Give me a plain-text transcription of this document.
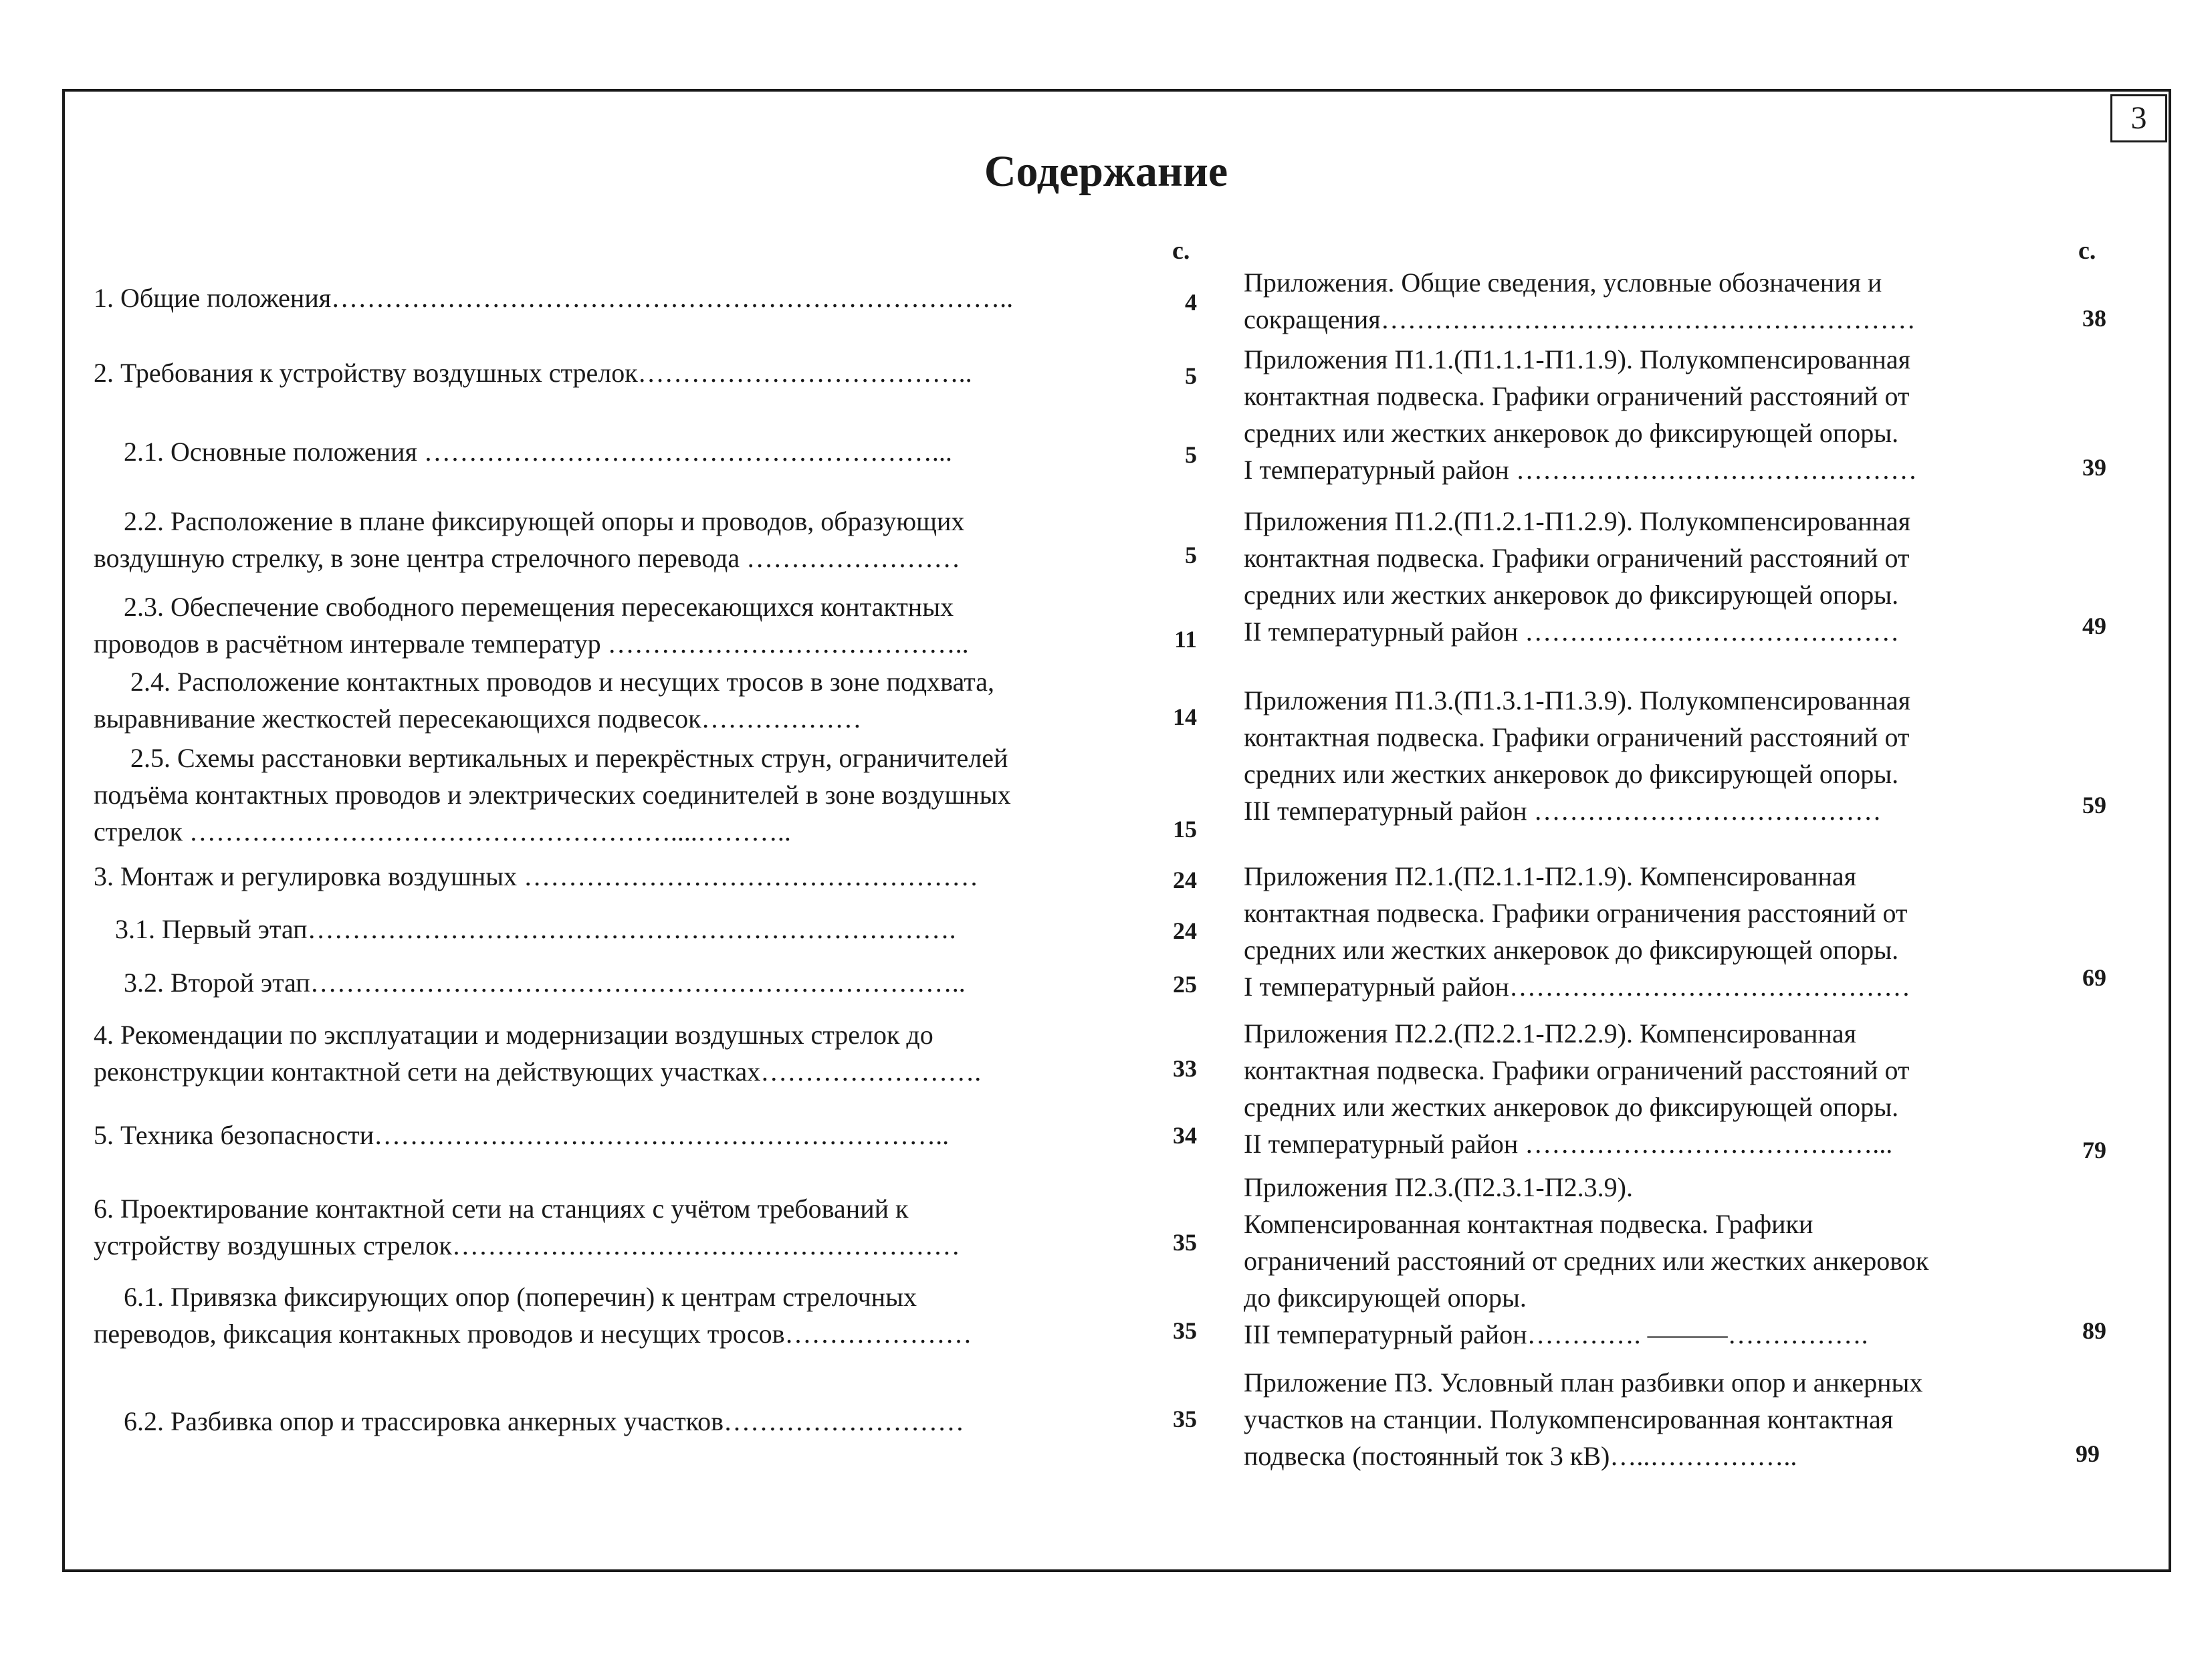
3
Содержание
с.	с.
1. Общие положения…………………………………………………………………..	4
2. Требования к устройству воздушных стрелок………………………………..	5
2.1. Основные положения …………………………………………………...	5
2.2. Расположение в плане фиксирующей опоры и проводов, образующих
воздушную стрелку, в зоне центра стрелочного перевода ……………………	5
2.3. Обеспечение свободного перемещения пересекающихся контактных
проводов в расчётном интервале температур …………………………………..	11
2.4. Расположение контактных проводов и несущих тросов в зоне подхвата,
выравнивание жесткостей пересекающихся подвесок………………	14
2.5. Схемы расстановки вертикальных и перекрёстных струн, ограничителей
подъёма контактных проводов и электрических соединителей в зоне воздушных
стрелок ………………………………………………....………..	15
3. Монтаж и регулировка воздушных ……………………………………………	24
3.1. Первый этап……………………………………………………………….	24
3.2. Второй этап………………………………………………………………..	25
4. Рекомендации по эксплуатации и модернизации воздушных стрелок до
реконструкции контактной сети на действующих участках…………………….	33
5. Техника безопасности………………………………………………………..	34
6. Проектирование контактной сети на станциях с учётом требований к
устройству воздушных стрелок…………………………………………………	35
6.1. Привязка фиксирующих опор (поперечин) к центрам стрелочных
переводов, фиксация контакных проводов и несущих тросов…………………	35
6.2. Разбивка опор и трассировка анкерных участков………………………	35
Приложения. Общие сведения, условные обозначения и
сокращения……………………………………………………	38
Приложения П1.1.(П1.1.1-П1.1.9). Полукомпенсированная
контактная подвеска. Графики ограничений расстояний от
средних или жестких анкеровок до фиксирующей опоры.
I температурный район ………………………………………	39
Приложения П1.2.(П1.2.1-П1.2.9). Полукомпенсированная
контактная подвеска. Графики ограничений расстояний от
средних или жестких анкеровок до фиксирующей опоры.
II температурный район ……………………………………	49
Приложения П1.3.(П1.3.1-П1.3.9). Полукомпенсированная
контактная подвеска. Графики ограничений расстояний от
средних или жестких анкеровок до фиксирующей опоры.
III температурный район …………………………………	59
Приложения П2.1.(П2.1.1-П2.1.9). Компенсированная
контактная подвеска. Графики ограничения расстояний от
средних или жестких анкеровок до фиксирующей опоры.
I температурный район………………………………………	69
Приложения П2.2.(П2.2.1-П2.2.9). Компенсированная
контактная подвеска. Графики ограничений расстояний от
средних или жестких анкеровок до фиксирующей опоры.
II температурный район …………………………………...	79
Приложения П2.3.(П2.3.1-П2.3.9).
Компенсированная контактная подвеска. Графики
ограничений расстояний от средних или жестких анкеровок
до фиксирующей опоры.
III температурный район…………. ———…………….	89
Приложение П3. Условный план разбивки опор и анкерных
участков на станции. Полукомпенсированная контактная
подвеска (постоянный ток 3 кВ)…..……………..	99
